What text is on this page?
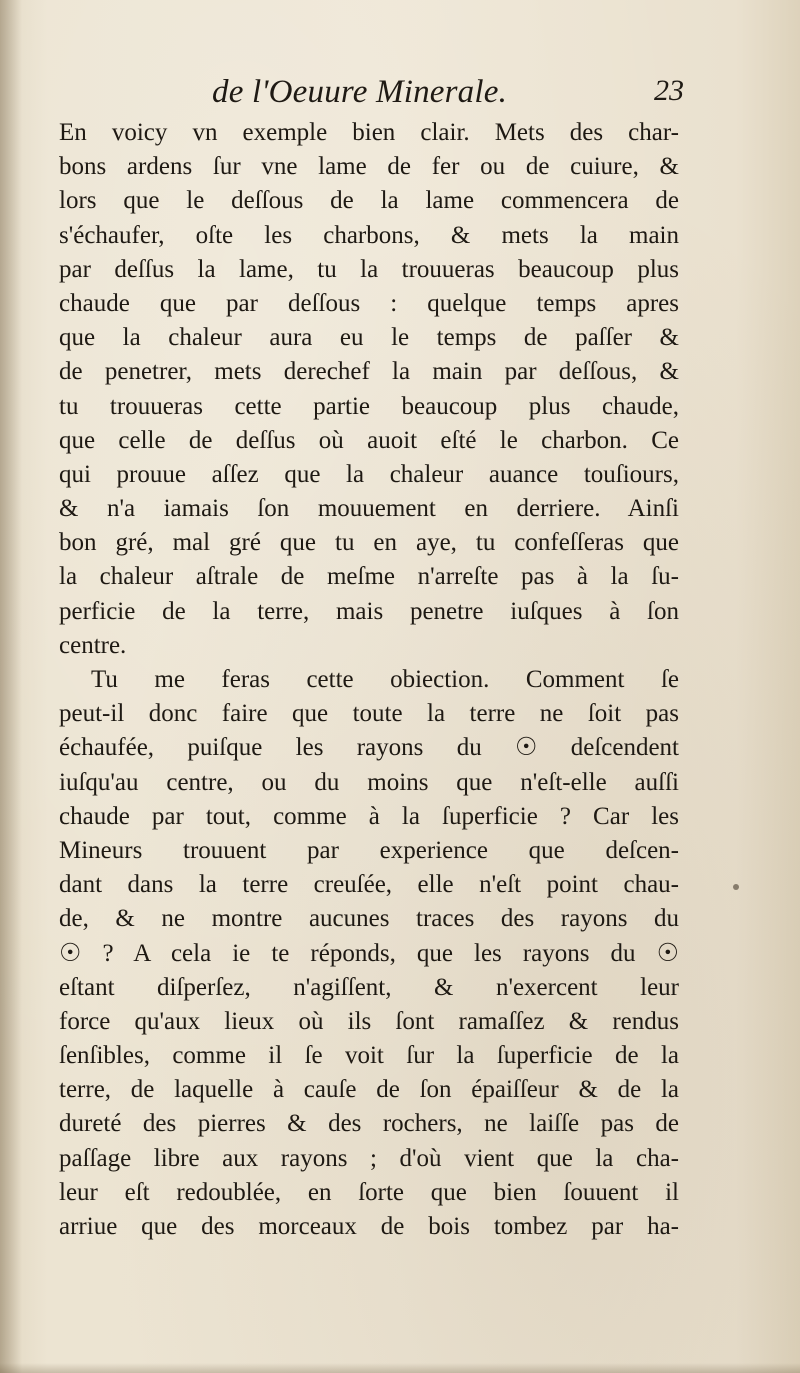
de l'Oeuure Minerale.	23
En voicy vn exemple bien clair. Mets des char-
bons ardens ſur vne lame de fer ou de cuiure, &
lors que le deſſous de la lame commencera de
s'échaufer, oſte les charbons, & mets la main
par deſſus la lame, tu la trouueras beaucoup plus
chaude que par deſſous : quelque temps apres
que la chaleur aura eu le temps de paſſer &
de penetrer, mets derechef la main par deſſous, &
tu trouueras cette partie beaucoup plus chaude,
que celle de deſſus où auoit eſté le charbon. Ce
qui prouue aſſez que la chaleur auance touſiours,
& n'a iamais ſon mouuement en derriere. Ainſi
bon gré, mal gré que tu en aye, tu confeſſeras que
la chaleur aſtrale de meſme n'arreſte pas à la ſu-
perficie de la terre, mais penetre iuſques à ſon
centre.
Tu me feras cette obiection. Comment ſe
peut-il donc faire que toute la terre ne ſoit pas
échaufée, puiſque les rayons du ☉ deſcendent
iuſqu'au centre, ou du moins que n'eſt-elle auſſi
chaude par tout, comme à la ſuperficie ? Car les
Mineurs trouuent par experience que deſcen-
dant dans la terre creuſée, elle n'eſt point chau-
de, & ne montre aucunes traces des rayons du
☉ ? A cela ie te réponds, que les rayons du ☉
eſtant diſperſez, n'agiſſent, & n'exercent leur
force qu'aux lieux où ils ſont ramaſſez & rendus
ſenſibles, comme il ſe voit ſur la ſuperficie de la
terre, de laquelle à cauſe de ſon épaiſſeur & de la
dureté des pierres & des rochers, ne laiſſe pas de
paſſage libre aux rayons ; d'où vient que la cha-
leur eſt redoublée, en ſorte que bien ſouuent il
arriue que des morceaux de bois tombez par ha-
